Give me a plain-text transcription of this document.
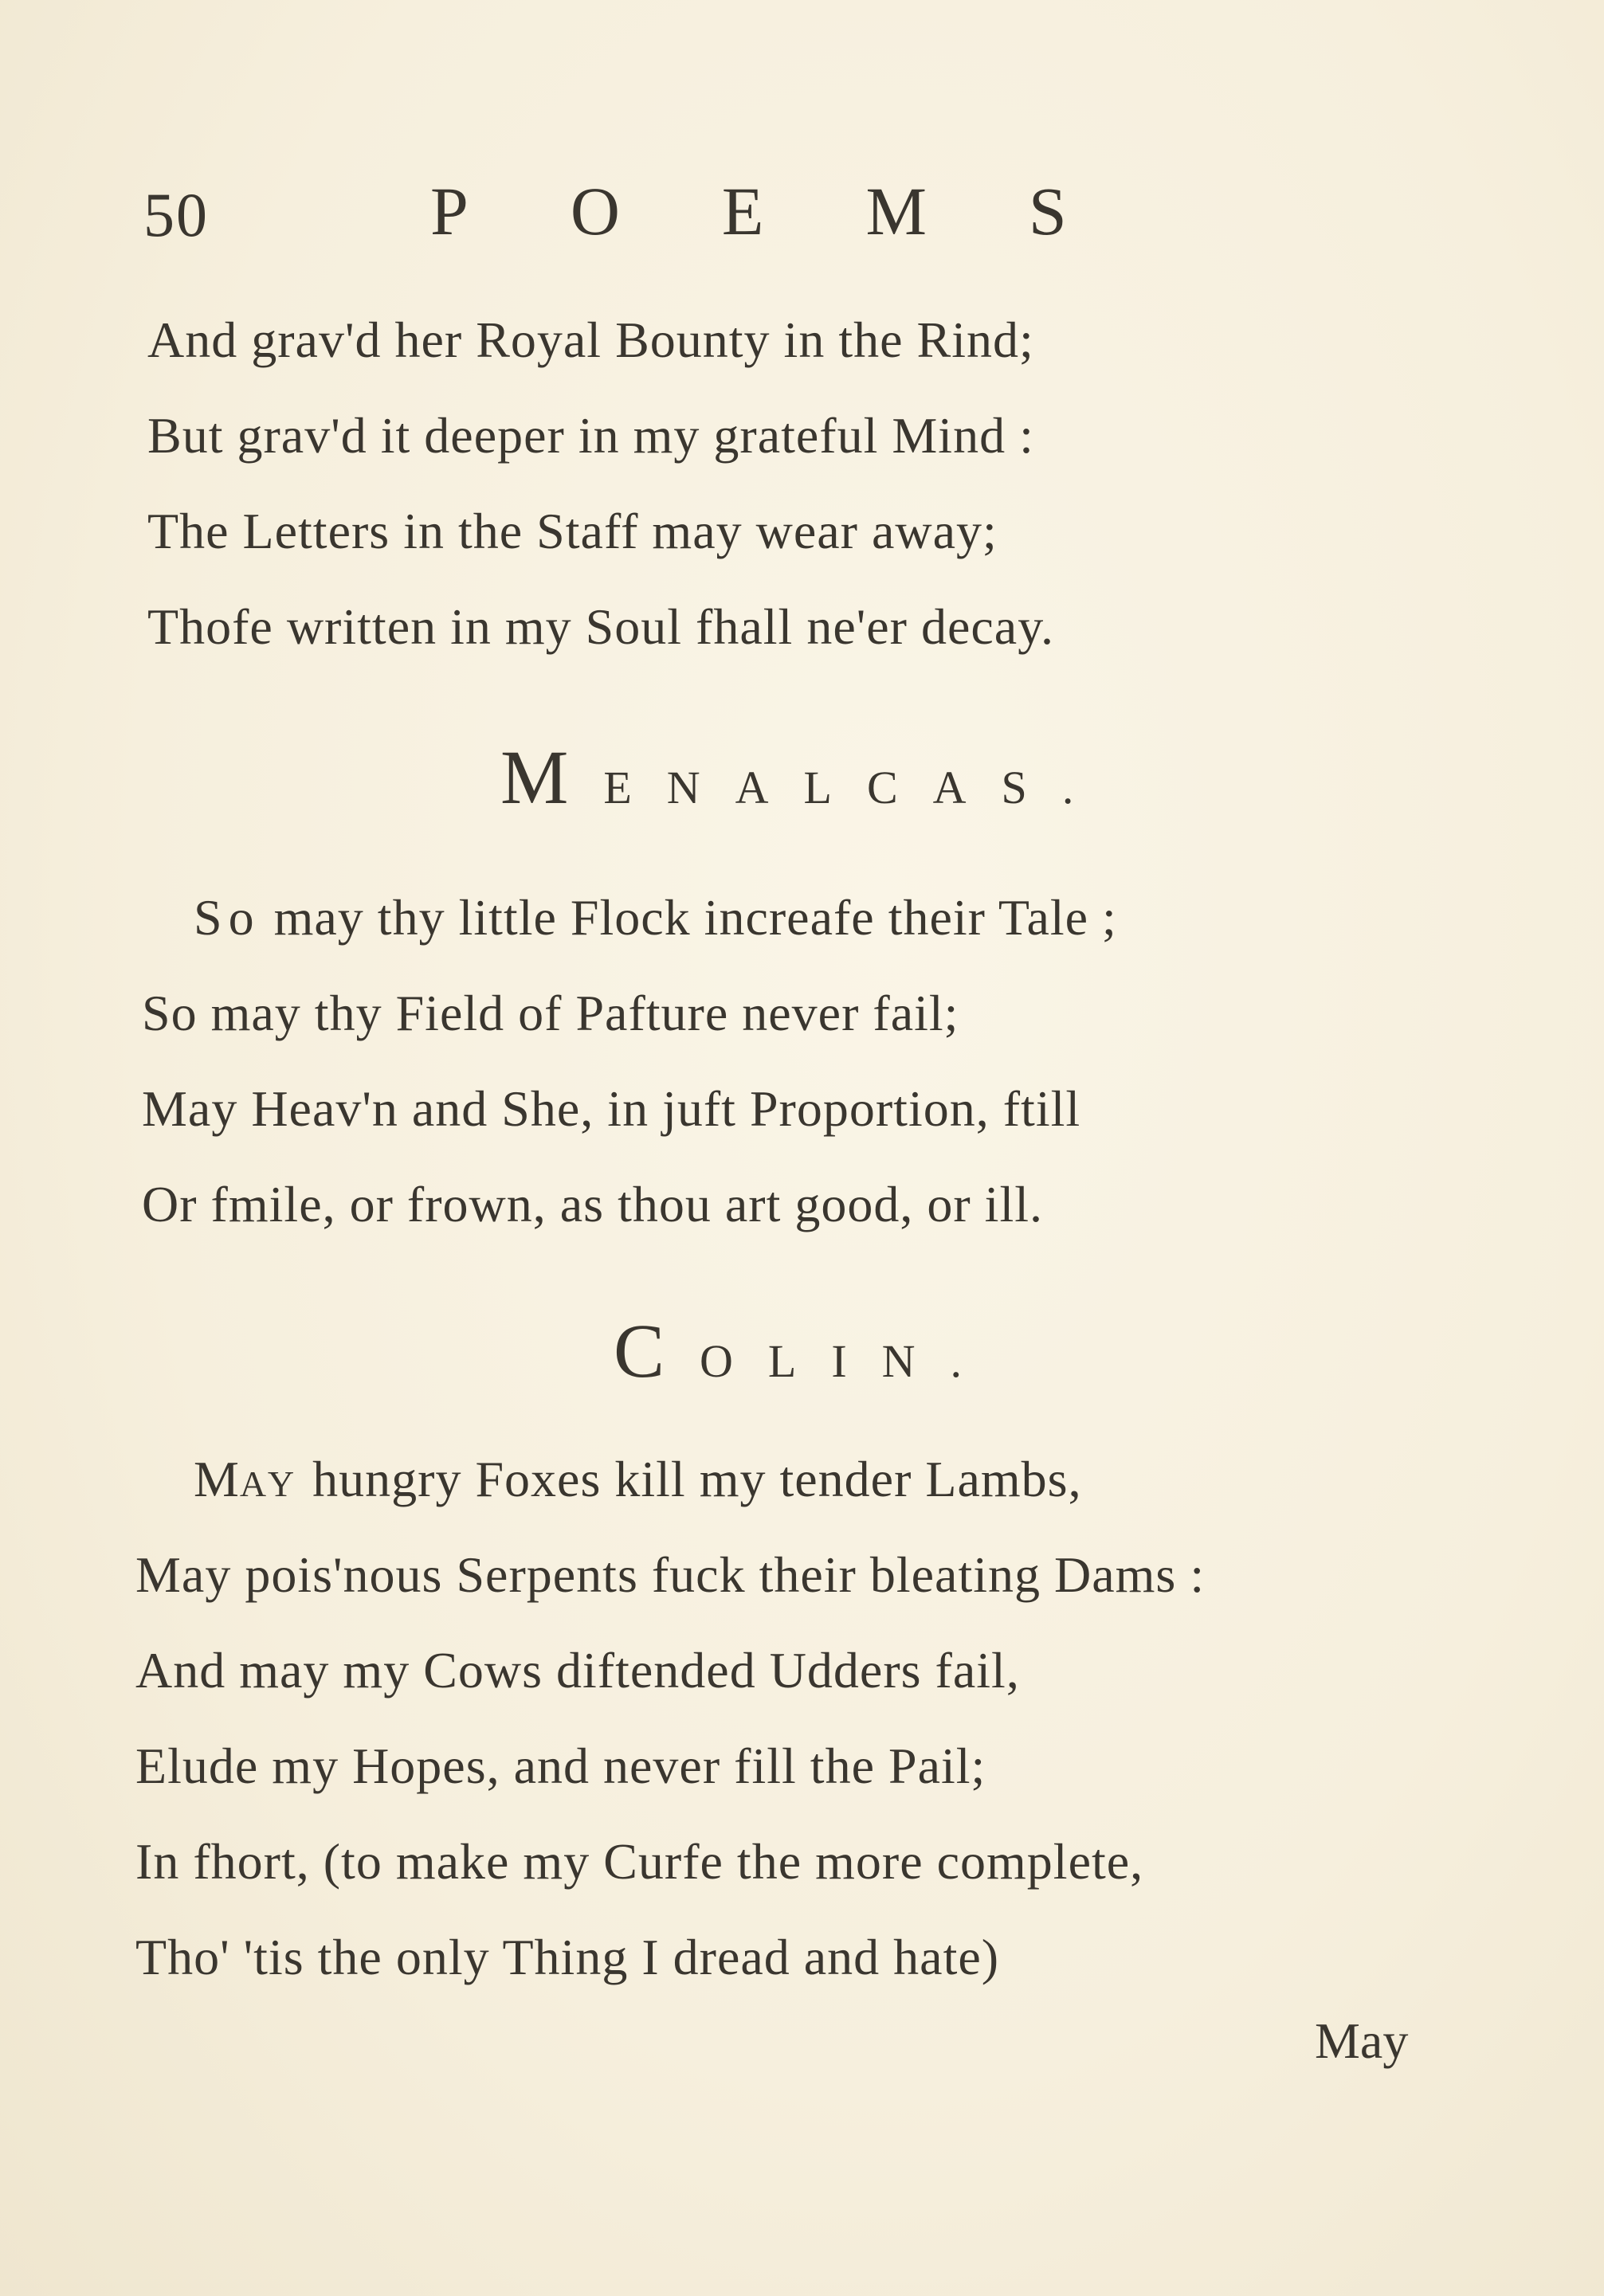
50	POEMS
And grav'd her Royal Bounty in the Rind;
But grav'd it deeper in my grateful Mind :
The Letters in the Staff may wear away;
Thofe written in my Soul fhall ne'er decay.
MENALCAS.
So may thy little Flock increafe their Tale ;
So may thy Field of Pafture never fail;
May Heav'n and She, in juft Proportion, ftill
Or fmile, or frown, as thou art good, or ill.
COLIN.
MAY hungry Foxes kill my tender Lambs,
May pois'nous Serpents fuck their bleating Dams :
And may my Cows diftended Udders fail,
Elude my Hopes, and never fill the Pail;
In fhort, (to make my Curfe the more complete,
Tho' 'tis the only Thing I dread and hate)
May
